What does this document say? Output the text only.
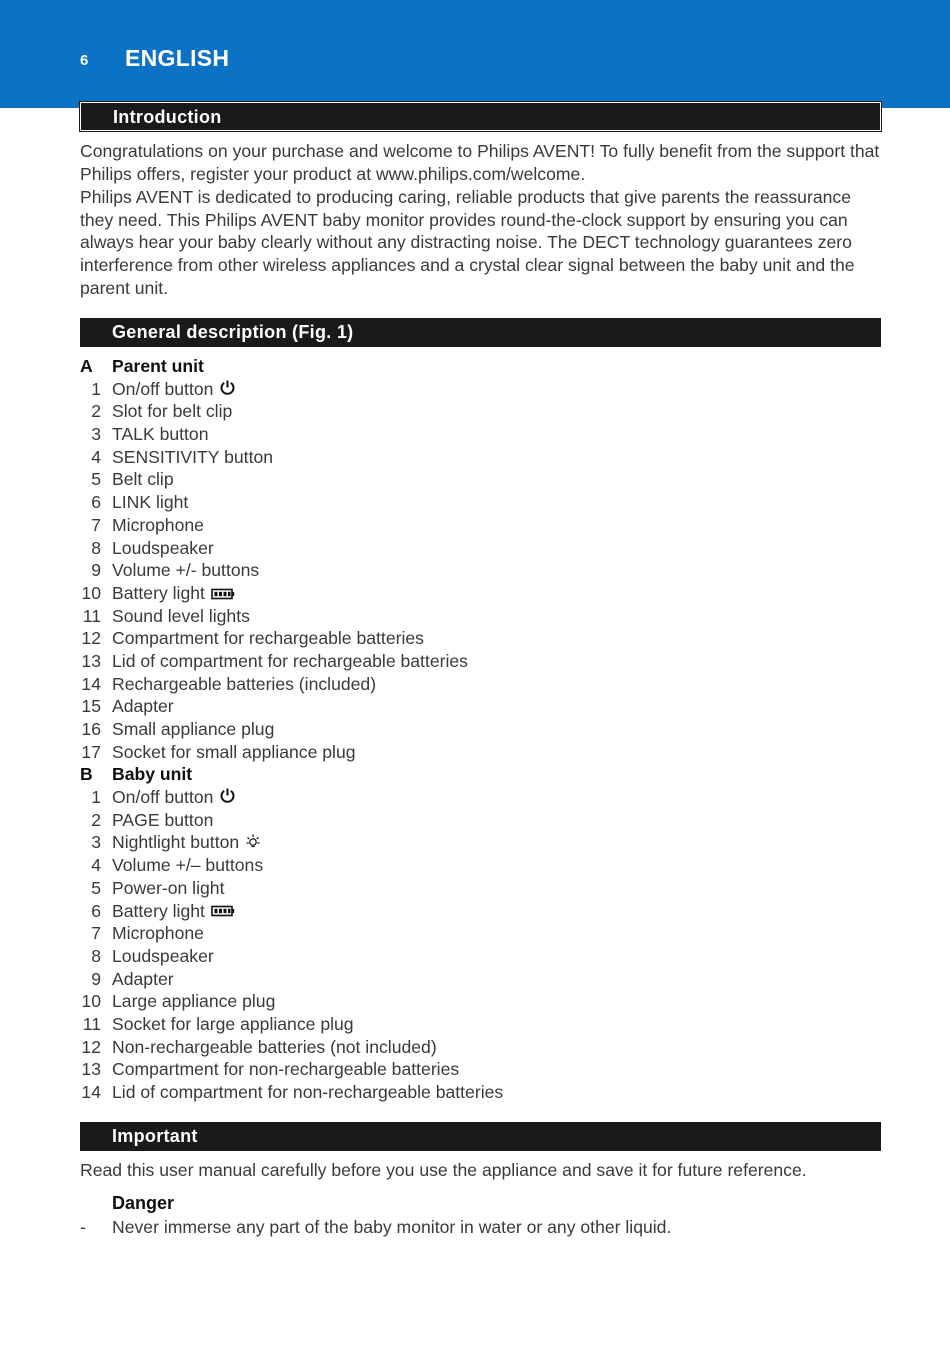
6 ENGLISH
Introduction

Congratulations on your purchase and welcome to Philips AVENT! To fully benefit from the support that Philips offers, register your product at www.philips.com/welcome.

Philips AVENT is dedicated to producing caring, reliable products that give parents the reassurance they need. This Philips AVENT baby monitor provides round-the-clock support by ensuring you can always hear your baby clearly without any distracting noise. The DECT technology guarantees zero interference from other wireless appliances and a crystal clear signal between the baby unit and the parent unit.

General description (Fig. 1)
A	Parent unit
1 On/off button
2 Slot for belt clip
3 TALK button
4 SENSITIVITY button
5 Belt clip
6 LINK light
7 Microphone
8 Loudspeaker
9 Volume +/- buttons
10 Battery light
11 Sound level lights
12 Compartment for rechargeable batteries
13 Lid of compartment for rechargeable batteries
14 Rechargeable batteries (included)
15 Adapter
16 Small appliance plug
17 Socket for small appliance plug
B	Baby unit
1 On/off button
2 PAGE button
3 Nightlight button
4 Volume +/– buttons
5 Power-on light
6 Battery light
7 Microphone
8 Loudspeaker
9 Adapter
10 Large appliance plug
11 Socket for large appliance plug
12 Non-rechargeable batteries (not included)
13 Compartment for non-rechargeable batteries
14 Lid of compartment for non-rechargeable batteries
Important

Read this user manual carefully before you use the appliance and save it for future reference.

Danger
- Never immerse any part of the baby monitor in water or any other liquid.
